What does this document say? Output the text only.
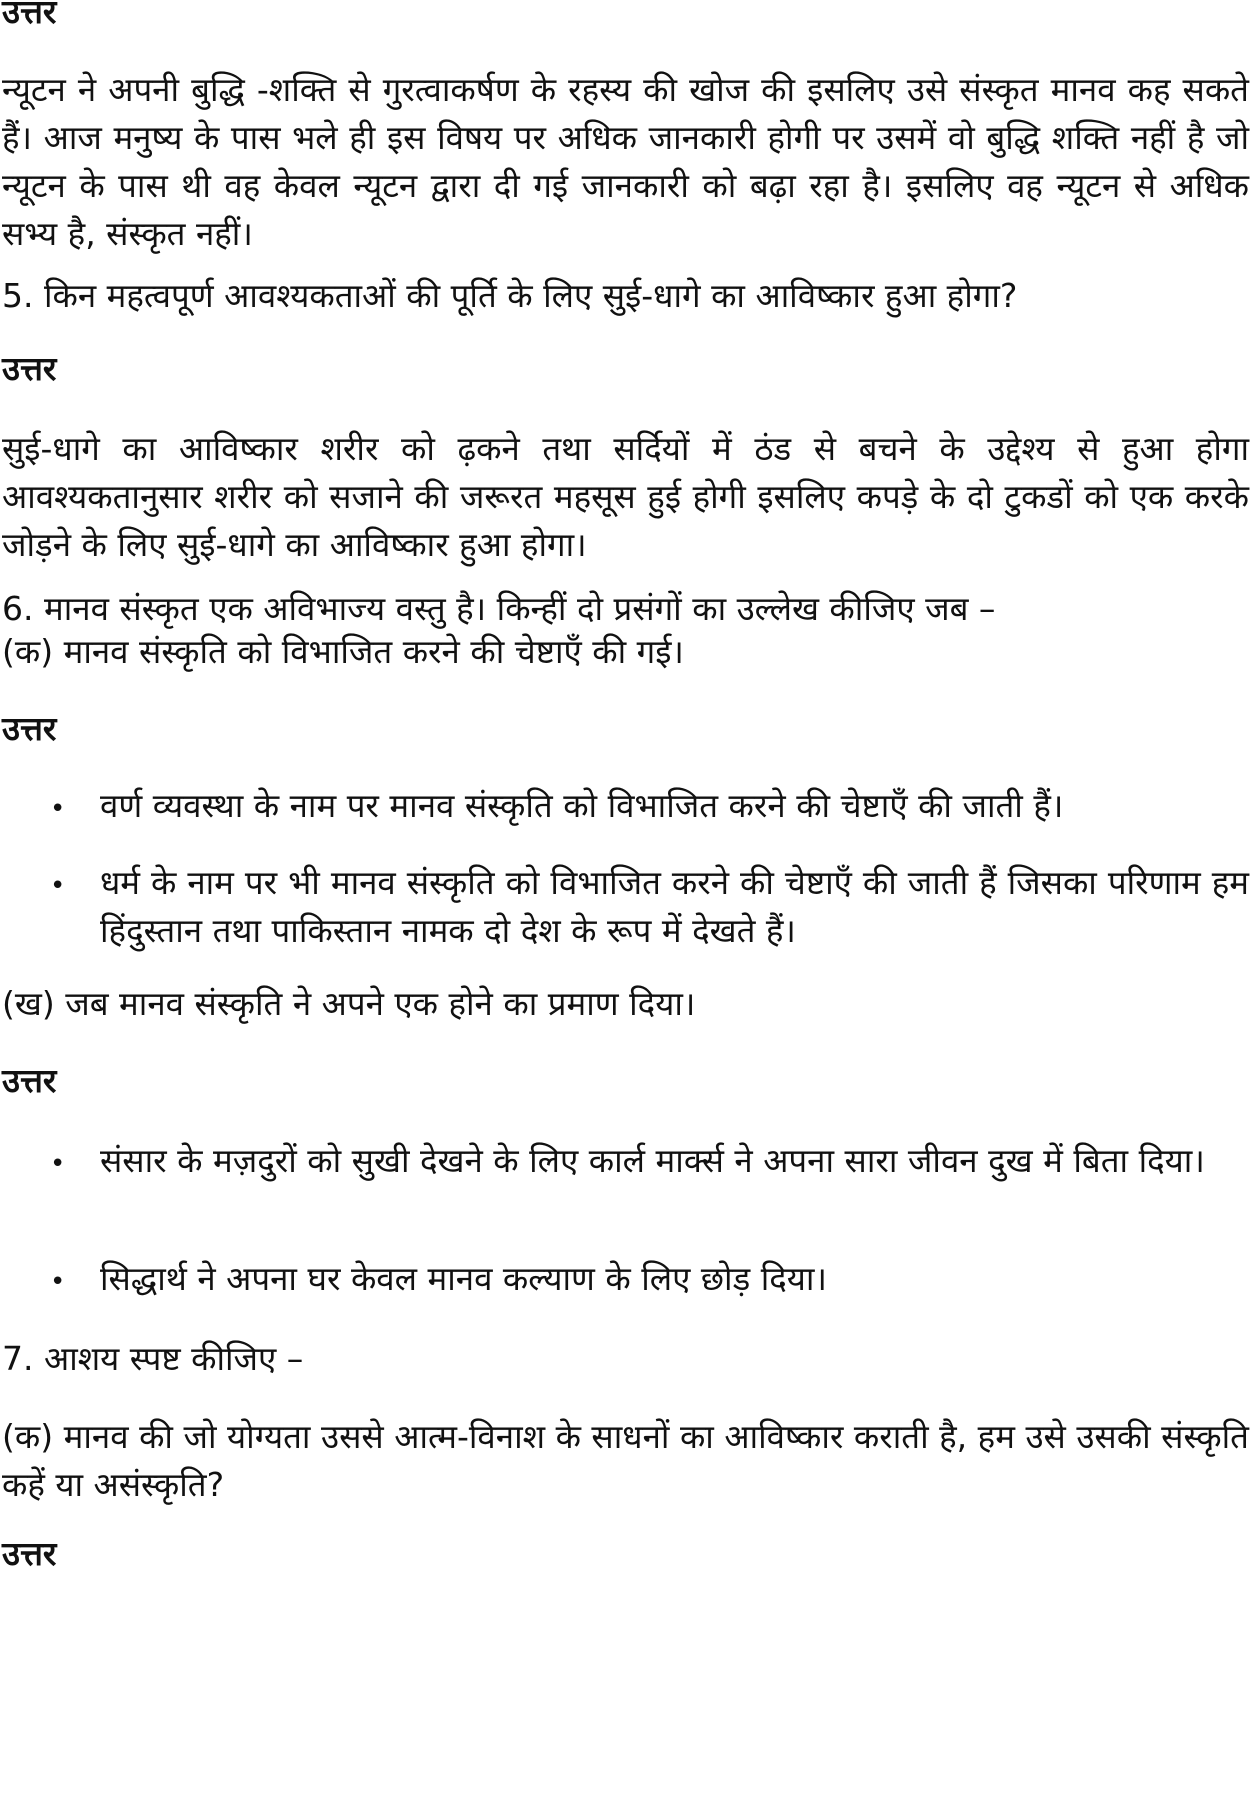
उत्तर

न्यूटन ने अपनी बुद्धि -शक्ति से गुरत्वाकर्षण के रहस्य की खोज की इसलिए उसे संस्कृत मानव कह सकते हैं। आज मनुष्य के पास भले ही इस विषय पर अधिक जानकारी होगी पर उसमें वो बुद्धि शक्ति नहीं है जो न्यूटन के पास थी वह केवल न्यूटन द्वारा दी गई जानकारी को बढ़ा रहा है। इसलिए वह न्यूटन से अधिक सभ्य है, संस्कृत नहीं।

5. किन महत्वपूर्ण आवश्यकताओं की पूर्ति के लिए सुई-धागे का आविष्कार हुआ होगा?

उत्तर

सुई-धागे का आविष्कार शरीर को ढ़कने तथा सर्दियों में ठंड से बचने के उद्देश्य से हुआ होगा आवश्यकतानुसार शरीर को सजाने की जरूरत महसूस हुई होगी इसलिए कपड़े के दो टुकडों को एक करके जोड़ने के लिए सुई-धागे का आविष्कार हुआ होगा।

6. मानव संस्कृत एक अविभाज्य वस्तु है। किन्हीं दो प्रसंगों का उल्लेख कीजिए जब –

(क) मानव संस्कृति को विभाजित करने की चेष्टाएँ की गई।

उत्तर

• वर्ण व्यवस्था के नाम पर मानव संस्कृति को विभाजित करने की चेष्टाएँ की जाती हैं।

• धर्म के नाम पर भी मानव संस्कृति को विभाजित करने की चेष्टाएँ की जाती हैं जिसका परिणाम हम हिंदुस्तान तथा पाकिस्तान नामक दो देश के रूप में देखते हैं।

(ख) जब मानव संस्कृति ने अपने एक होने का प्रमाण दिया।

उत्तर

• संसार के मज़दुरों को सुखी देखने के लिए कार्ल मार्क्स ने अपना सारा जीवन दुख में बिता दिया।

• सिद्धार्थ ने अपना घर केवल मानव कल्याण के लिए छोड़ दिया।

7. आशय स्पष्ट कीजिए –

(क) मानव की जो योग्यता उससे आत्म-विनाश के साधनों का आविष्कार कराती है, हम उसे उसकी संस्कृति कहें या असंस्कृति?

उत्तर
